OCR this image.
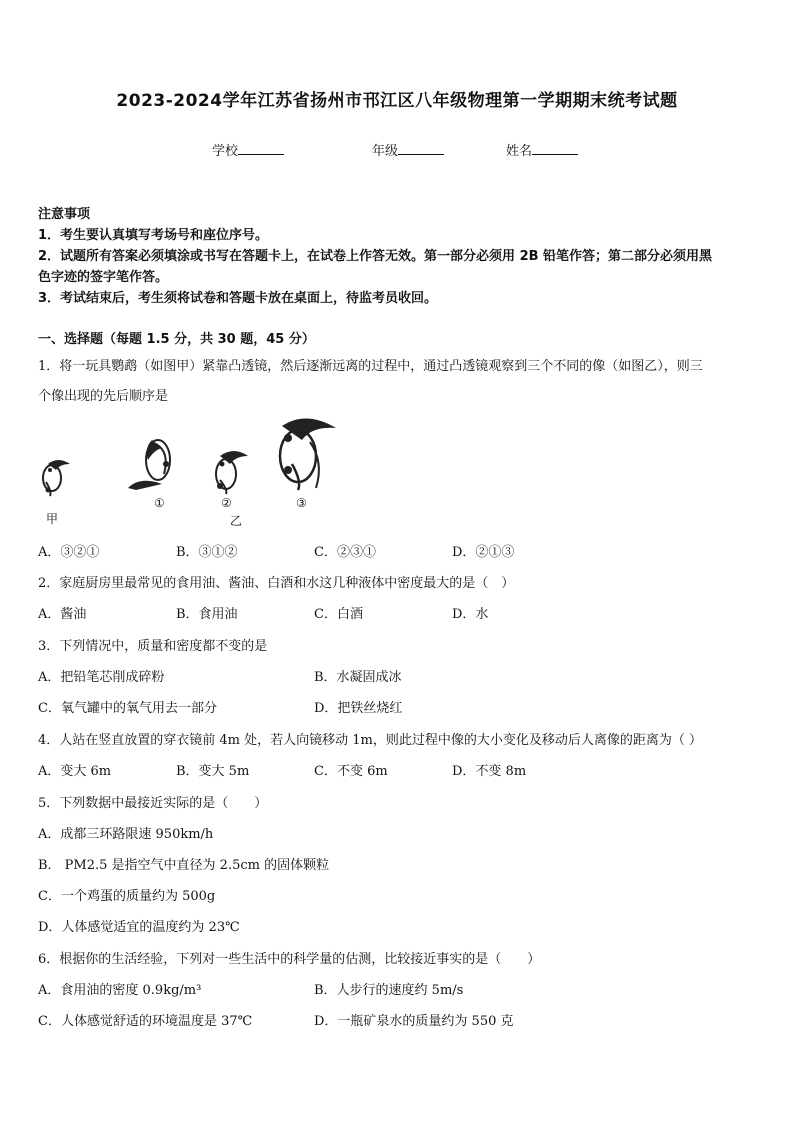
2023-2024学年江苏省扬州市邗江区八年级物理第一学期期末统考试题
学校	年级	姓名
注意事项
1．考生要认真填写考场号和座位序号。
2．试题所有答案必须填涂或书写在答题卡上，在试卷上作答无效。第一部分必须用 2B 铅笔作答；第二部分必须用黑
色字迹的签字笔作答。
3．考试结束后，考生须将试卷和答题卡放在桌面上，待监考员收回。
一、选择题（每题 1.5 分，共 30 题，45 分）
1．将一玩具鹦鹉（如图甲）紧靠凸透镜，然后逐渐远离的过程中，通过凸透镜观察到三个不同的像（如图乙），则三
个像出现的先后顺序是
甲
①	②
乙
③
A．③②①	B．③①②	C．②③①	D．②①③
2．家庭厨房里最常见的食用油、酱油、白酒和水这几种液体中密度最大的是（　）
A．酱油	B．食用油	C．白酒	D．水
3．下列情况中，质量和密度都不变的是
A．把铅笔芯削成碎粉	B．水凝固成冰
C．氧气罐中的氧气用去一部分	D．把铁丝烧红
4．人站在竖直放置的穿衣镜前 4m 处，若人向镜移动 1m，则此过程中像的大小变化及移动后人离像的距离为（ ）
A．变大 6m	B．变大 5m	C．不变 6m	D．不变 8m
5．下列数据中最接近实际的是（　　）
A．成都三环路限速 950km/h
B． PM2.5 是指空气中直径为 2.5cm 的固体颗粒
C．一个鸡蛋的质量约为 500g
D．人体感觉适宜的温度约为 23℃
6．根据你的生活经验，下列对一些生活中的科学量的估测，比较接近事实的是（　　）
A．食用油的密度 0.9kg/m³	B．人步行的速度约 5m/s
C．人体感觉舒适的环境温度是 37℃	D．一瓶矿泉水的质量约为 550 克
